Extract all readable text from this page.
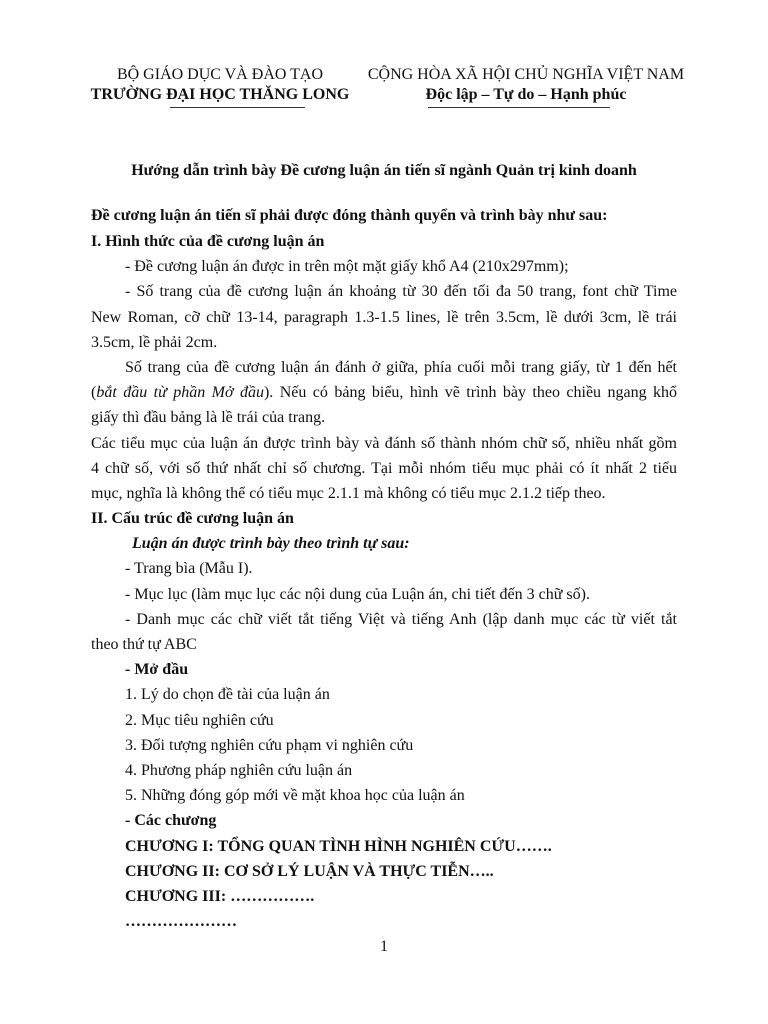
BỘ GIÁO DỤC VÀ ĐÀO TẠO
TRƯỜNG ĐẠI HỌC THĂNG LONG
CỘNG HÒA XÃ HỘI CHỦ NGHĨA VIỆT NAM
Độc lập – Tự do – Hạnh phúc
Hướng dẫn trình bày Đề cương luận án tiến sĩ ngành Quản trị kinh doanh
Đề cương luận án tiến sĩ phải được đóng thành quyển và trình bày như sau:
I. Hình thức của đề cương luận án
- Đề cương luận án được in trên một mặt giấy khổ A4 (210x297mm);
- Số trang của đề cương luận án khoảng từ 30 đến tối đa 50 trang, font chữ Time
New Roman, cỡ chữ 13-14, paragraph 1.3-1.5 lines, lề trên 3.5cm, lề dưới 3cm, lề trái
3.5cm, lề phải 2cm.
Số trang của đề cương luận án đánh ở giữa, phía cuối mỗi trang giấy, từ 1 đến hết
(bắt đầu từ phần Mở đầu). Nếu có bảng biểu, hình vẽ trình bày theo chiều ngang khổ
giấy thì đầu bảng là lề trái của trang.
Các tiểu mục của luận án được trình bày và đánh số thành nhóm chữ số, nhiều nhất gồm
4 chữ số, với số thứ nhất chỉ số chương. Tại mỗi nhóm tiểu mục phải có ít nhất 2 tiểu
mục, nghĩa là không thể có tiểu mục 2.1.1 mà không có tiểu mục 2.1.2 tiếp theo.
II. Cấu trúc đề cương luận án
Luận án được trình bày theo trình tự sau:
- Trang bìa (Mẫu I).
- Mục lục (làm mục lục các nội dung của Luận án, chi tiết đến 3 chữ số).
- Danh mục các chữ viết tắt tiếng Việt và tiếng Anh (lập danh mục các từ viết tắt
theo thứ tự ABC
- Mở đầu
1. Lý do chọn đề tài của luận án
2. Mục tiêu nghiên cứu
3. Đối tượng nghiên cứu phạm vi nghiên cứu
4. Phương pháp nghiên cứu luận án
5. Những đóng góp mới về mặt khoa học của luận án
- Các chương
CHƯƠNG I: TỔNG QUAN TÌNH HÌNH NGHIÊN CỨU…….
CHƯƠNG II: CƠ SỞ LÝ LUẬN VÀ THỰC TIỄN…..
CHƯƠNG III: …………….
…………………
1
